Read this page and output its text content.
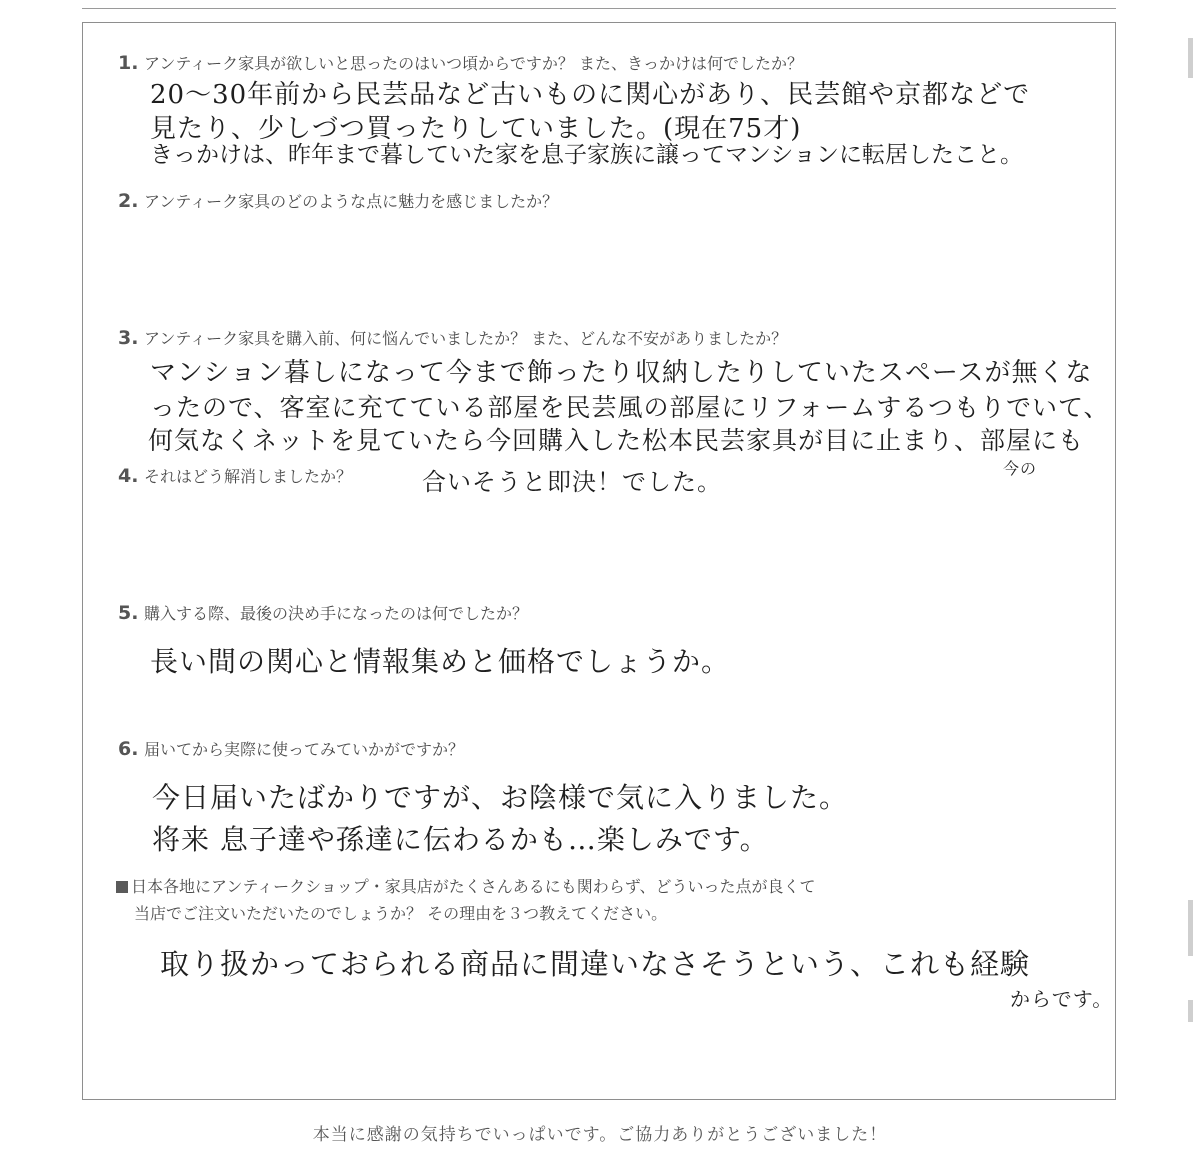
1. アンティーク家具が欲しいと思ったのはいつ頃からですか？ また、きっかけは何でしたか？
20〜30年前から民芸品など古いものに関心があり、民芸館や京都などで
見たり、少しづつ買ったりしていました。(現在75才)
きっかけは、昨年まで暮していた家を息子家族に譲ってマンションに転居したこと。
2. アンティーク家具のどのような点に魅力を感じましたか？
3. アンティーク家具を購入前、何に悩んでいましたか？ また、どんな不安がありましたか？
マンション暮しになって今まで飾ったり収納したりしていたスペースが無くな
ったので、客室に充てている部屋を民芸風の部屋にリフォームするつもりでいて、
何気なくネットを見ていたら今回購入した松本民芸家具が目に止まり、部屋にも
今の
4. それはどう解消しましたか？	合いそうと即決！でした。
5. 購入する際、最後の決め手になったのは何でしたか？
長い間の関心と情報集めと価格でしょうか。
6. 届いてから実際に使ってみていかがですか？
今日届いたばかりですが、お陰様で気に入りました。
将来 息子達や孫達に伝わるかも…楽しみです。
日本各地にアンティークショップ・家具店がたくさんあるにも関わらず、どういった点が良くて
当店でご注文いただいたのでしょうか？ その理由を３つ教えてください。
取り扱かっておられる商品に間違いなさそうという、これも経験
からです。
本当に感謝の気持ちでいっぱいです。ご協力ありがとうございました！
